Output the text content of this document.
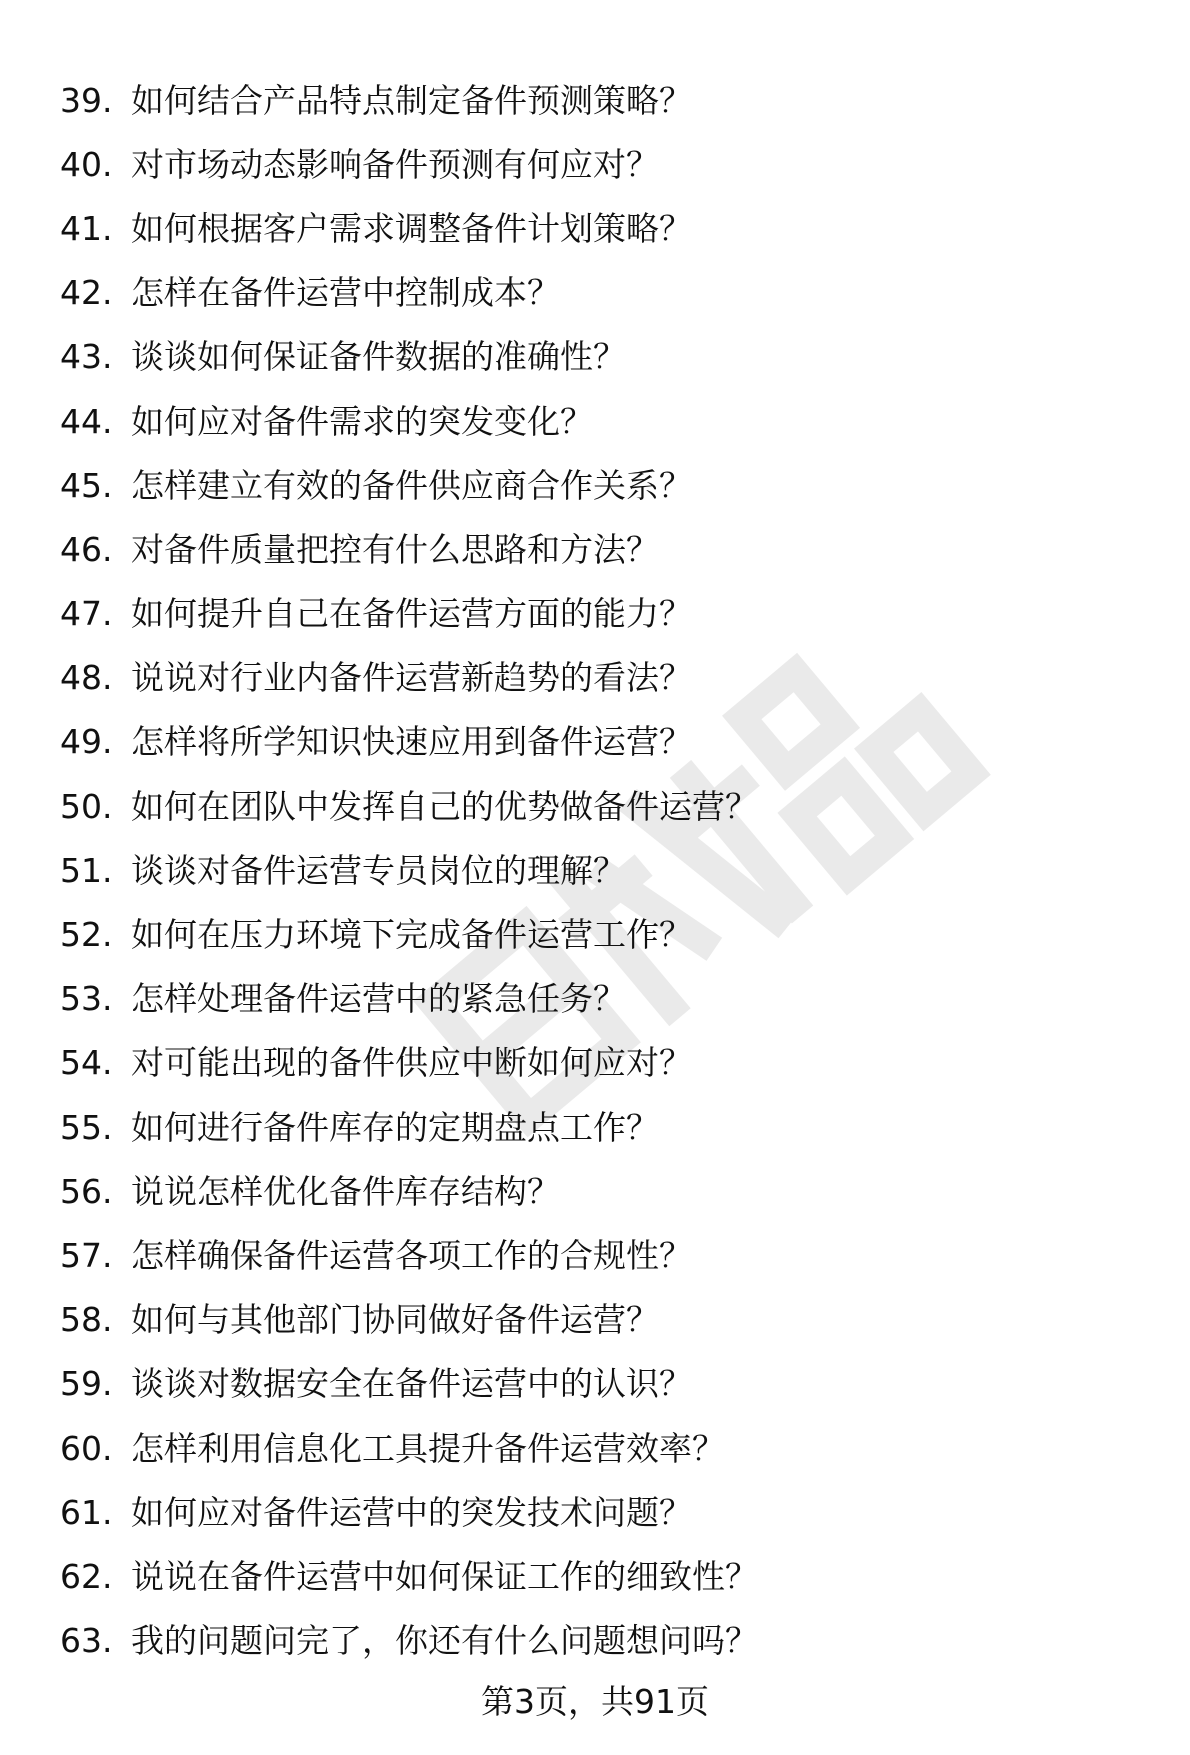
39. 如何结合产品特点制定备件预测策略？
40. 对市场动态影响备件预测有何应对？
41. 如何根据客户需求调整备件计划策略？
42. 怎样在备件运营中控制成本？
43. 谈谈如何保证备件数据的准确性？
44. 如何应对备件需求的突发变化？
45. 怎样建立有效的备件供应商合作关系？
46. 对备件质量把控有什么思路和方法？
47. 如何提升自己在备件运营方面的能力？
48. 说说对行业内备件运营新趋势的看法？
49. 怎样将所学知识快速应用到备件运营？
50. 如何在团队中发挥自己的优势做备件运营？
51. 谈谈对备件运营专员岗位的理解？
52. 如何在压力环境下完成备件运营工作？
53. 怎样处理备件运营中的紧急任务？
54. 对可能出现的备件供应中断如何应对？
55. 如何进行备件库存的定期盘点工作？
56. 说说怎样优化备件库存结构？
57. 怎样确保备件运营各项工作的合规性？
58. 如何与其他部门协同做好备件运营？
59. 谈谈对数据安全在备件运营中的认识？
60. 怎样利用信息化工具提升备件运营效率？
61. 如何应对备件运营中的突发技术问题？
62. 说说在备件运营中如何保证工作的细致性？
63. 我的问题问完了，你还有什么问题想问吗？
第3页，共91页
